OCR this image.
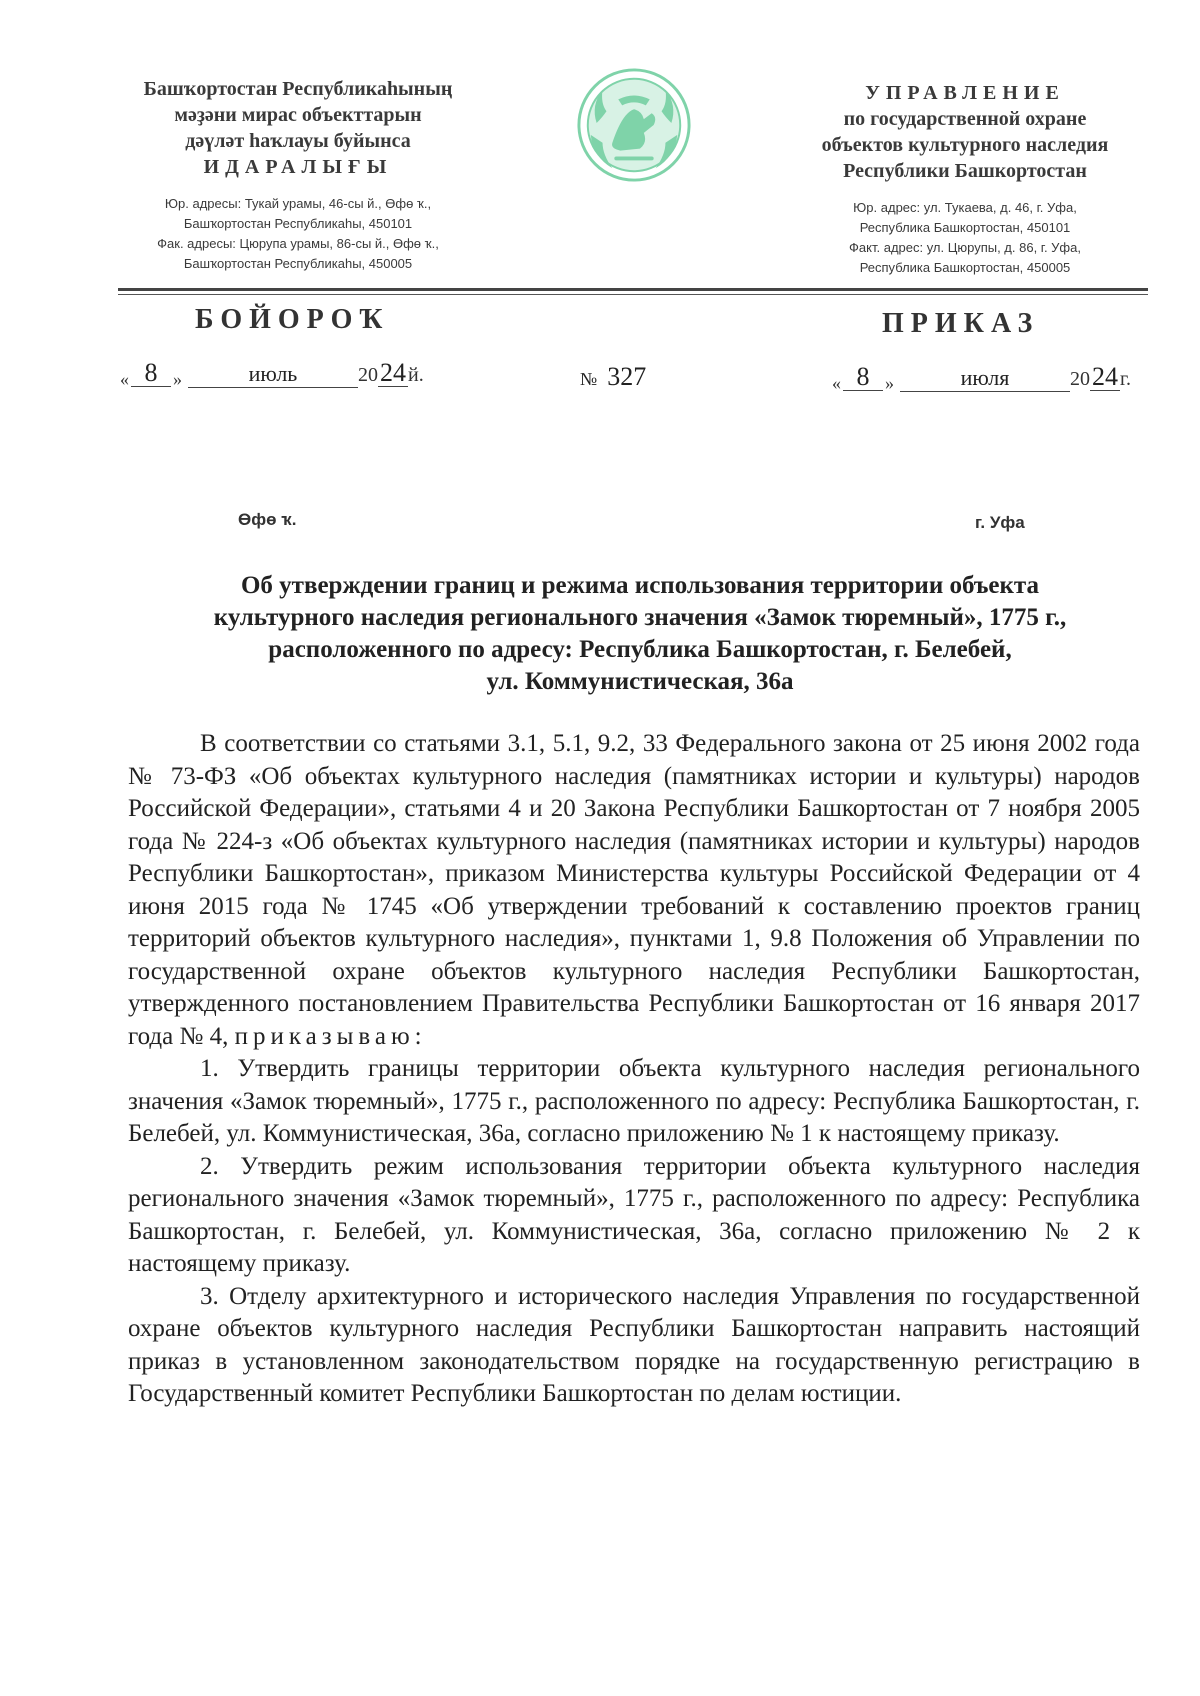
Башҡортостан Республикаһының
мәҙәни мирас объекттарын
дәүләт һаҡлауы буйынса
ИДАРАЛЫҒЫ
Юр. адресы: Тукай урамы, 46-сы й., Өфө ҡ.,
Башҡортостан Республикаһы, 450101
Фак. адресы: Цюрупа урамы, 86-сы й., Өфө ҡ.,
Башҡортостан Республикаһы, 450005
УПРАВЛЕНИЕ
по государственной охране
объектов культурного наследия
Республики Башкортостан
Юр. адрес: ул. Тукаева, д. 46, г. Уфа,
Республика Башкортостан, 450101
Факт. адрес: ул. Цюрупы, д. 86, г. Уфа,
Республика Башкортостан, 450005
БОЙОРОҠ	ПРИКАЗ
« 8 »	июль	2024 й.	№ 327	« 8 »	июля	2024 г.
Өфө ҡ.	г. Уфа
Об утверждении границ и режима использования территории объекта
культурного наследия регионального значения «Замок тюремный», 1775 г.,
расположенного по адресу: Республика Башкортостан, г. Белебей,
ул. Коммунистическая, 36а

В соответствии со статьями 3.1, 5.1, 9.2, 33 Федерального закона от 25 июня 2002 года № 73-ФЗ «Об объектах культурного наследия (памятниках истории и культуры) народов Российской Федерации», статьями 4 и 20 Закона Республики Башкортостан от 7 ноября 2005 года № 224-з «Об объектах культурного наследия (памятниках истории и культуры) народов Республики Башкортостан», приказом Министерства культуры Российской Федерации от 4 июня 2015 года № 1745 «Об утверждении требований к составлению проектов границ территорий объектов культурного наследия», пунктами 1, 9.8 Положения об Управлении по государственной охране объектов культурного наследия Республики Башкортостан, утвержденного постановлением Правительства Республики Башкортостан от 16 января 2017 года № 4, приказываю:

1. Утвердить границы территории объекта культурного наследия регионального значения «Замок тюремный», 1775 г., расположенного по адресу: Республика Башкортостан, г. Белебей, ул. Коммунистическая, 36а, согласно приложению № 1 к настоящему приказу.

2. Утвердить режим использования территории объекта культурного наследия регионального значения «Замок тюремный», 1775 г., расположенного по адресу: Республика Башкортостан, г. Белебей, ул. Коммунистическая, 36а, согласно приложению № 2 к настоящему приказу.

3. Отделу архитектурного и исторического наследия Управления по государственной охране объектов культурного наследия Республики Башкортостан направить настоящий приказ в установленном законодательством порядке на государственную регистрацию в Государственный комитет Республики Башкортостан по делам юстиции.
